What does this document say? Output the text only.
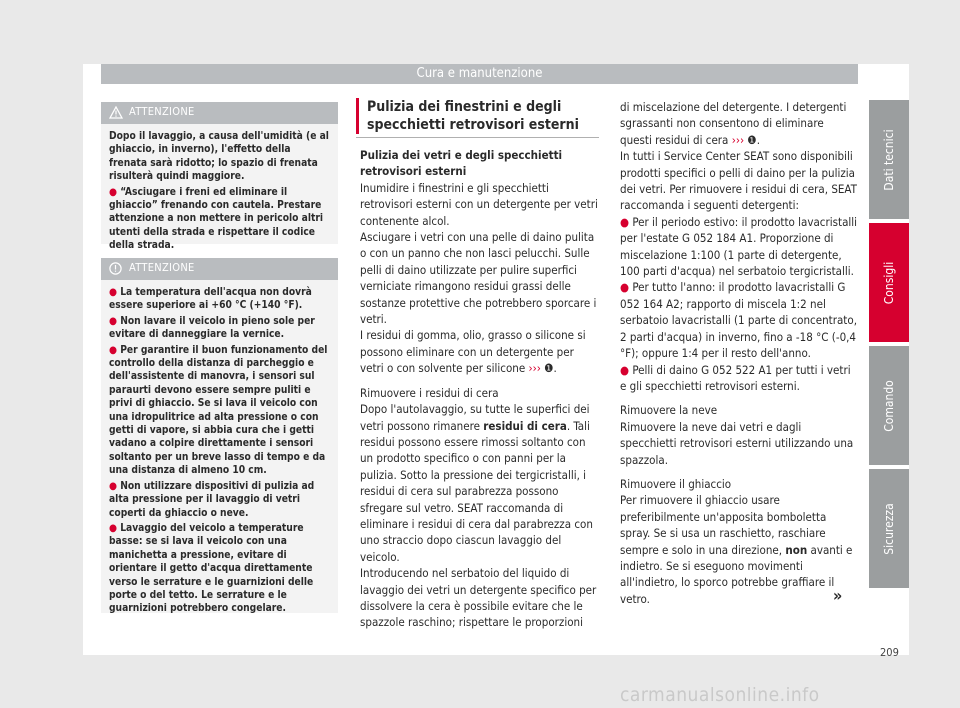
Cura e manutenzione
Dati tecnici
Consigli
Comando
Sicurezza
ATTENZIONE

Dopo il lavaggio, a causa dell'umidità (e al ghiaccio, in inverno), l'effetto della frenata sarà ridotto; lo spazio di frenata risulterà quindi maggiore.

● “Asciugare i freni ed eliminare il ghiaccio” frenando con cautela. Prestare attenzione a non mettere in pericolo altri utenti della strada e rispettare il codice della strada.

ATTENZIONE

● La temperatura dell'acqua non dovrà essere superiore ai +60 °C (+140 °F).

● Non lavare il veicolo in pieno sole per evitare di danneggiare la vernice.

● Per garantire il buon funzionamento del controllo della distanza di parcheggio e dell'assistente di manovra, i sensori sul paraurti devono essere sempre puliti e privi di ghiaccio. Se si lava il veicolo con una idropulitrice ad alta pressione o con getti di vapore, si abbia cura che i getti vadano a colpire direttamente i sensori soltanto per un breve lasso di tempo e da una distanza di almeno 10 cm.

● Non utilizzare dispositivi di pulizia ad alta pressione per il lavaggio di vetri coperti da ghiaccio o neve.

● Lavaggio del veicolo a temperature basse: se si lava il veicolo con una manichetta a pressione, evitare di orientare il getto d'acqua direttamente verso le serrature e le guarnizioni delle porte o del tetto. Le serrature e le guarnizioni potrebbero congelare.

Pulizia dei finestrini e degli specchietti retrovisori esterni

Pulizia dei vetri e degli specchietti retrovisori esterni

Inumidire i finestrini e gli specchietti retrovisori esterni con un detergente per vetri contenente alcol.

Asciugare i vetri con una pelle di daino pulita o con un panno che non lasci pelucchi. Sulle pelli di daino utilizzate per pulire superfici verniciate rimangono residui grassi delle sostanze protettive che potrebbero sporcare i vetri.

I residui di gomma, olio, grasso o silicone si possono eliminare con un detergente per vetri o con solvente per silicone ››› ❶.

Rimuovere i residui di cera

Dopo l'autolavaggio, su tutte le superfici dei vetri possono rimanere residui di cera. Tali residui possono essere rimossi soltanto con un prodotto specifico o con panni per la pulizia. Sotto la pressione dei tergicristalli, i residui di cera sul parabrezza possono sfregare sul vetro. SEAT raccomanda di eliminare i residui di cera dal parabrezza con uno straccio dopo ciascun lavaggio del veicolo.

Introducendo nel serbatoio del liquido di lavaggio dei vetri un detergente specifico per dissolvere la cera è possibile evitare che le spazzole raschino; rispettare le proporzioni

di miscelazione del detergente. I detergenti sgrassanti non consentono di eliminare questi residui di cera ››› ❶.

In tutti i Service Center SEAT sono disponibili prodotti specifici o pelli di daino per la pulizia dei vetri. Per rimuovere i residui di cera, SEAT raccomanda i seguenti detergenti:

● Per il periodo estivo: il prodotto lavacristalli per l'estate G 052 184 A1. Proporzione di miscelazione 1:100 (1 parte di detergente, 100 parti d'acqua) nel serbatoio tergicristalli.

● Per tutto l'anno: il prodotto lavacristalli G 052 164 A2; rapporto di miscela 1:2 nel serbatoio lavacristalli (1 parte di concentrato, 2 parti d'acqua) in inverno, fino a -18 °C (-0,4 °F); oppure 1:4 per il resto dell'anno.

● Pelli di daino G 052 522 A1 per tutti i vetri e gli specchietti retrovisori esterni.

Rimuovere la neve

Rimuovere la neve dai vetri e dagli specchietti retrovisori esterni utilizzando una spazzola.

Rimuovere il ghiaccio

Per rimuovere il ghiaccio usare preferibilmente un'apposita bomboletta spray. Se si usa un raschietto, raschiare sempre e solo in una direzione, non avanti e indietro. Se si eseguono movimenti all'indietro, lo sporco potrebbe graffiare il vetro.	»
209
carmanualsonline.info
